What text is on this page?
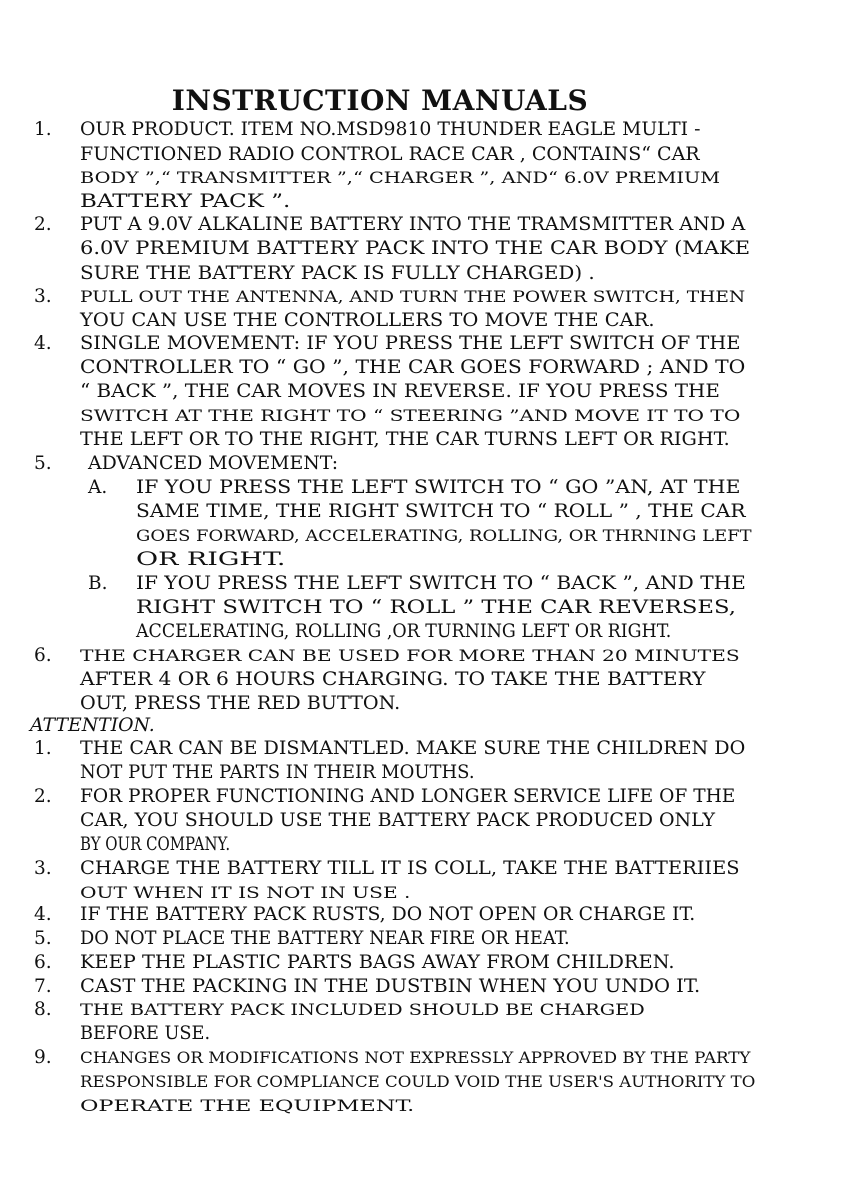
INSTRUCTION MANUALS
1. OUR PRODUCT. ITEM NO.MSD9810 THUNDER EAGLE MULTI -
FUNCTIONED RADIO CONTROL RACE CAR , CONTAINS“ CAR
BODY ”,“ TRANSMITTER ”,“ CHARGER ”, AND“ 6.0V PREMIUM
BATTERY PACK ”.
2. PUT A 9.0V ALKALINE BATTERY INTO THE TRAMSMITTER AND A
6.0V PREMIUM BATTERY PACK INTO THE CAR BODY (MAKE
SURE THE BATTERY PACK IS FULLY CHARGED) .
3. PULL OUT THE ANTENNA, AND TURN THE POWER SWITCH, THEN
YOU CAN USE THE CONTROLLERS TO MOVE THE CAR.
4. SINGLE MOVEMENT: IF YOU PRESS THE LEFT SWITCH OF THE
CONTROLLER TO “ GO ”, THE CAR GOES FORWARD ; AND TO
“ BACK ”, THE CAR MOVES IN REVERSE. IF YOU PRESS THE
SWITCH AT THE RIGHT TO “ STEERING ”AND MOVE IT TO TO
THE LEFT OR TO THE RIGHT, THE CAR TURNS LEFT OR RIGHT.
5. ADVANCED MOVEMENT:
A. IF YOU PRESS THE LEFT SWITCH TO “ GO ”AN, AT THE
SAME TIME, THE RIGHT SWITCH TO “ ROLL ” , THE CAR
GOES FORWARD, ACCELERATING, ROLLING, OR THRNING LEFT
OR RIGHT.
B. IF YOU PRESS THE LEFT SWITCH TO “ BACK ”, AND THE
RIGHT SWITCH TO “ ROLL ” THE CAR REVERSES,
ACCELERATING, ROLLING ,OR TURNING LEFT OR RIGHT.
6. THE CHARGER CAN BE USED FOR MORE THAN 20 MINUTES
AFTER 4 OR 6 HOURS CHARGING. TO TAKE THE BATTERY
OUT, PRESS THE RED BUTTON.
ATTENTION.
1. THE CAR CAN BE DISMANTLED. MAKE SURE THE CHILDREN DO
NOT PUT THE PARTS IN THEIR MOUTHS.
2. FOR PROPER FUNCTIONING AND LONGER SERVICE LIFE OF THE
CAR, YOU SHOULD USE THE BATTERY PACK PRODUCED ONLY
BY OUR COMPANY.
3. CHARGE THE BATTERY TILL IT IS COLL, TAKE THE BATTERIIES
OUT WHEN IT IS NOT IN USE .
4. IF THE BATTERY PACK RUSTS, DO NOT OPEN OR CHARGE IT.
5. DO NOT PLACE THE BATTERY NEAR FIRE OR HEAT.
6. KEEP THE PLASTIC PARTS BAGS AWAY FROM CHILDREN.
7. CAST THE PACKING IN THE DUSTBIN WHEN YOU UNDO IT.
8. THE BATTERY PACK INCLUDED SHOULD BE CHARGED
BEFORE USE.
9. CHANGES OR MODIFICATIONS NOT EXPRESSLY APPROVED BY THE PARTY
RESPONSIBLE FOR COMPLIANCE COULD VOID THE USER'S AUTHORITY TO
OPERATE THE EQUIPMENT.
